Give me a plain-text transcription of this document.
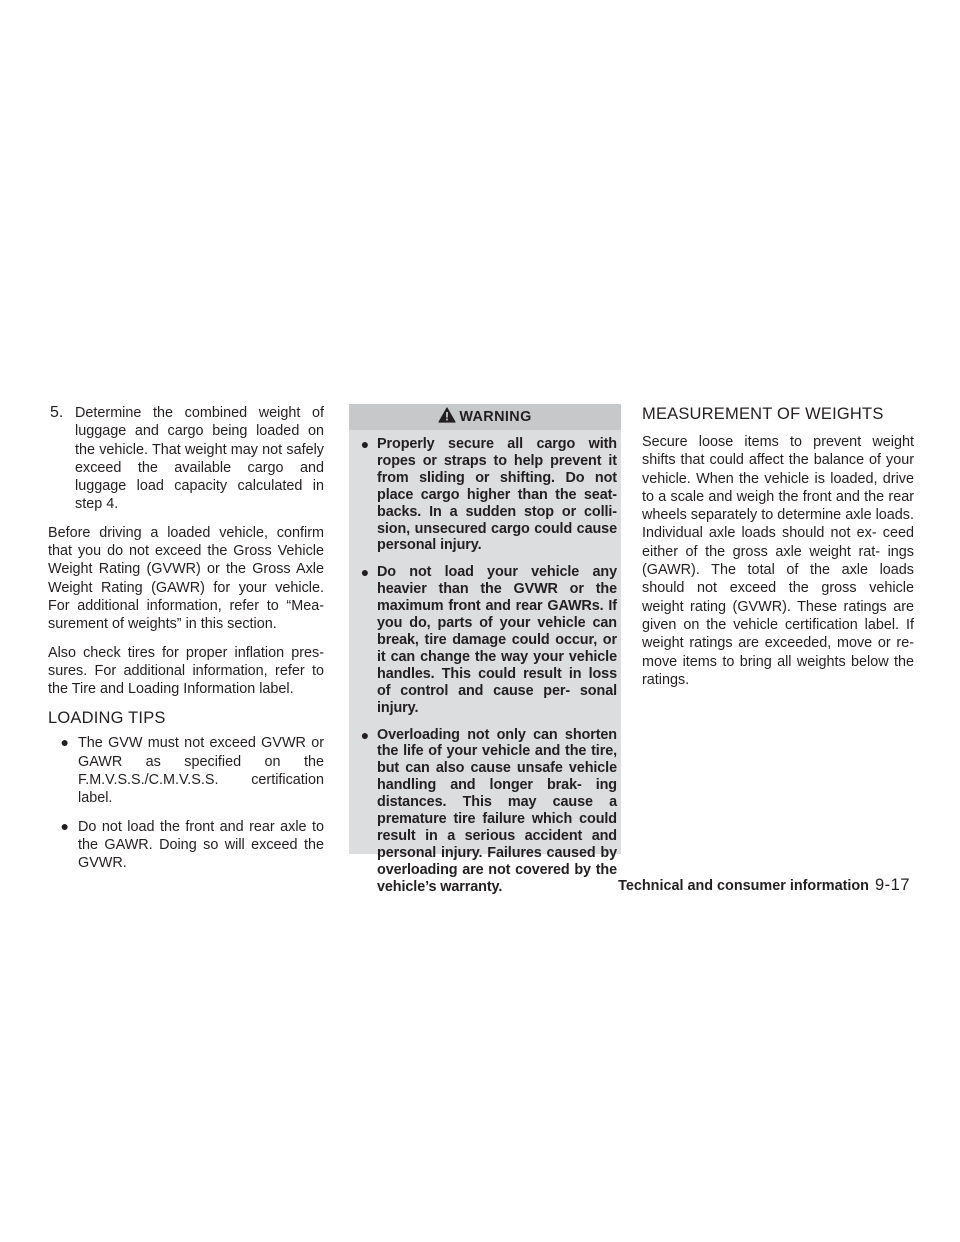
5. Determine the combined weight of luggage and cargo being loaded on the vehicle. That weight may not safely exceed the available cargo and luggage load capacity calculated in step 4.

Before driving a loaded vehicle, confirm that you do not exceed the Gross Vehicle Weight Rating (GVWR) or the Gross Axle Weight Rating (GAWR) for your vehicle. For additional information, refer to “Mea- surement of weights” in this section.

Also check tires for proper inflation pres- sures. For additional information, refer to the Tire and Loading Information label.

LOADING TIPS
● The GVW must not exceed GVWR or GAWR as specified on the F.M.V.S.S./C.M.V.S.S. certification label.

● Do not load the front and rear axle to the GAWR. Doing so will exceed the GVWR.

WARNING
● Properly secure all cargo with ropes or straps to help prevent it from sliding or shifting. Do not place cargo higher than the seat- backs. In a sudden stop or colli- sion, unsecured cargo could cause personal injury.
● Do not load your vehicle any heavier than the GVWR or the maximum front and rear GAWRs. If you do, parts of your vehicle can break, tire damage could occur, or it can change the way your vehicle handles. This could result in loss of control and cause per- sonal injury.
● Overloading not only can shorten the life of your vehicle and the tire, but can also cause unsafe vehicle handling and longer brak- ing distances. This may cause a premature tire failure which could result in a serious accident and personal injury. Failures caused by overloading are not covered by the vehicle’s warranty.
MEASUREMENT OF WEIGHTS

Secure loose items to prevent weight shifts that could affect the balance of your vehicle. When the vehicle is loaded, drive to a scale and weigh the front and the rear wheels separately to determine axle loads. Individual axle loads should not ex- ceed either of the gross axle weight rat- ings (GAWR). The total of the axle loads should not exceed the gross vehicle weight rating (GVWR). These ratings are given on the vehicle certification label. If weight ratings are exceeded, move or re- move items to bring all weights below the ratings.

Technical and consumer information 9-17
